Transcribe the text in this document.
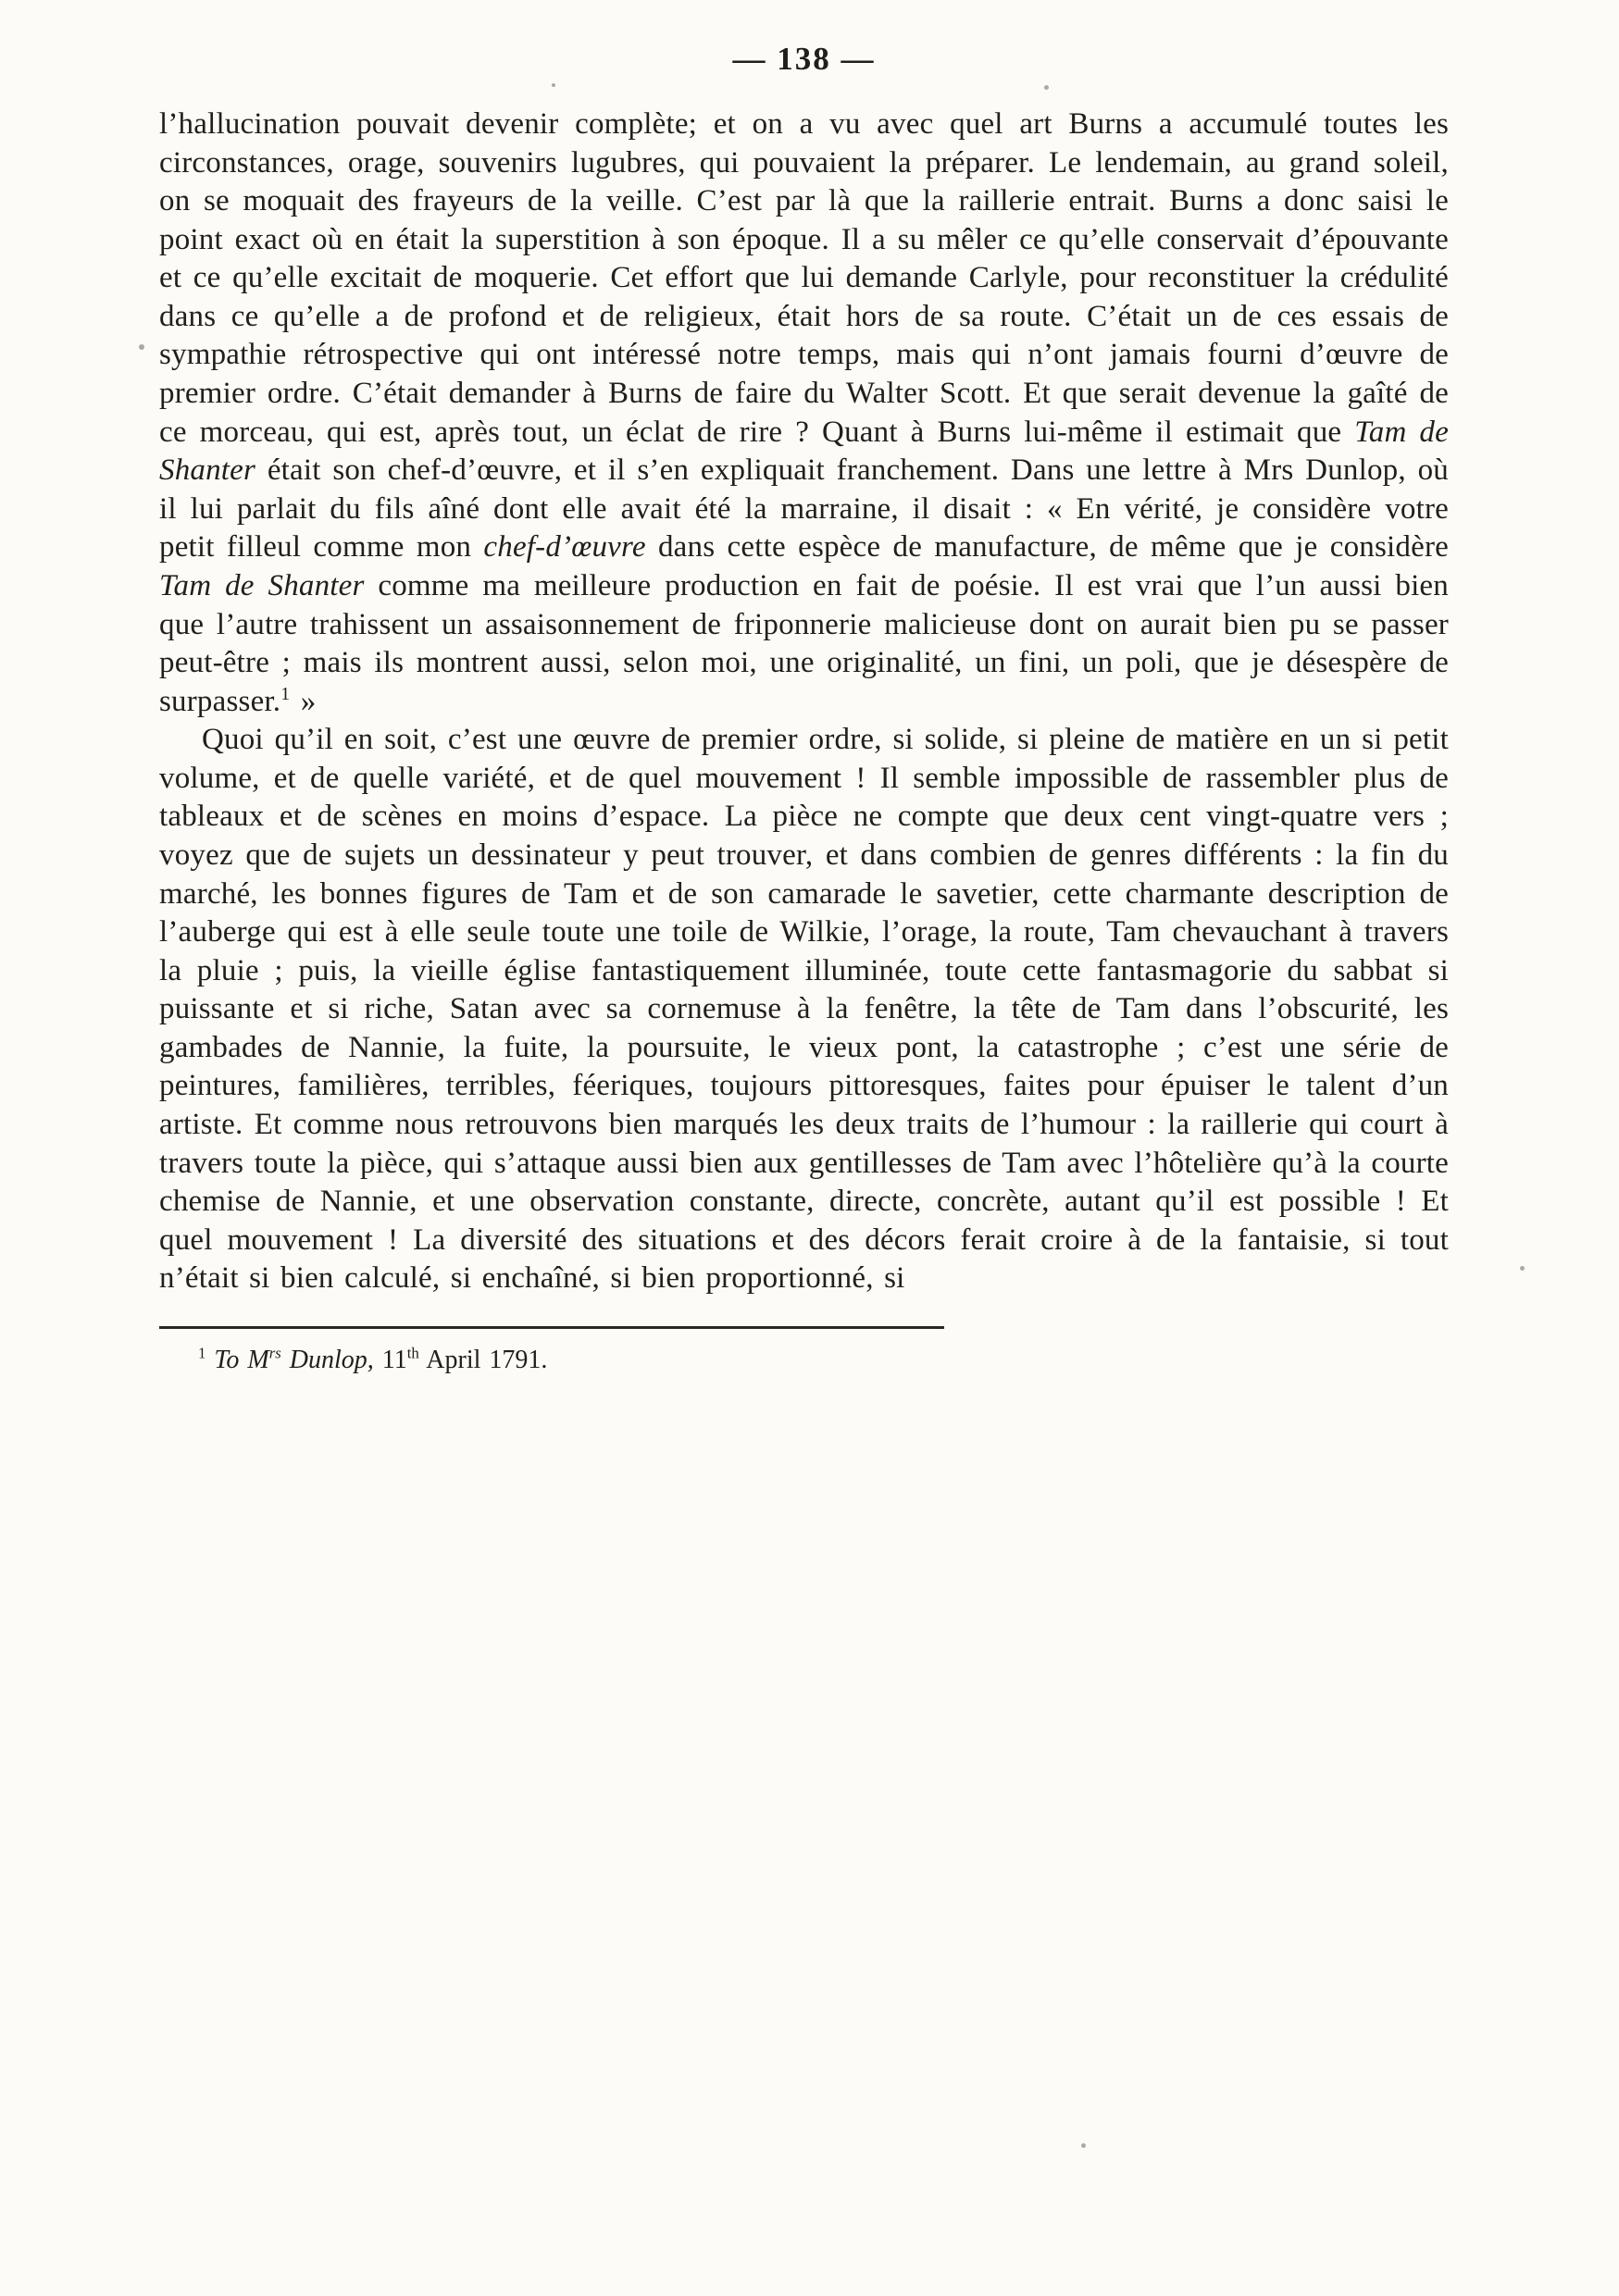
— 138 —

l’hallucination pouvait devenir complète; et on a vu avec quel art Burns a accumulé toutes les circonstances, orage, souvenirs lugubres, qui pouvaient la préparer. Le lendemain, au grand soleil, on se moquait des frayeurs de la veille. C’est par là que la raillerie entrait. Burns a donc saisi le point exact où en était la superstition à son époque. Il a su mêler ce qu’elle conservait d’épouvante et ce qu’elle excitait de moquerie. Cet effort que lui demande Carlyle, pour reconstituer la crédulité dans ce qu’elle a de profond et de religieux, était hors de sa route. C’était un de ces essais de sympathie rétrospective qui ont intéressé notre temps, mais qui n’ont jamais fourni d’œuvre de premier ordre. C’était demander à Burns de faire du Walter Scott. Et que serait devenue la gaîté de ce morceau, qui est, après tout, un éclat de rire ? Quant à Burns lui-même il estimait que Tam de Shanter était son chef-d’œuvre, et il s’en expliquait franchement. Dans une lettre à Mrs Dunlop, où il lui parlait du fils aîné dont elle avait été la marraine, il disait : « En vérité, je considère votre petit filleul comme mon chef-d’œuvre dans cette espèce de manufacture, de même que je considère Tam de Shanter comme ma meilleure production en fait de poésie. Il est vrai que l’un aussi bien que l’autre trahissent un assaisonnement de friponnerie malicieuse dont on aurait bien pu se passer peut-être ; mais ils montrent aussi, selon moi, une originalité, un fini, un poli, que je désespère de surpasser.$^1$ »

Quoi qu’il en soit, c’est une œuvre de premier ordre, si solide, si pleine de matière en un si petit volume, et de quelle variété, et de quel mouvement ! Il semble impossible de rassembler plus de tableaux et de scènes en moins d’espace. La pièce ne compte que deux cent vingt-quatre vers ; voyez que de sujets un dessinateur y peut trouver, et dans combien de genres différents : la fin du marché, les bonnes figures de Tam et de son camarade le savetier, cette charmante description de l’auberge qui est à elle seule toute une toile de Wilkie, l’orage, la route, Tam chevauchant à travers la pluie ; puis, la vieille église fantastiquement illuminée, toute cette fantasmagorie du sabbat si puissante et si riche, Satan avec sa cornemuse à la fenêtre, la tête de Tam dans l’obscurité, les gambades de Nannie, la fuite, la poursuite, le vieux pont, la catastrophe ; c’est une série de peintures, familières, terribles, féeriques, toujours pittoresques, faites pour épuiser le talent d’un artiste. Et comme nous retrouvons bien marqués les deux traits de l’humour : la raillerie qui court à travers toute la pièce, qui s’attaque aussi bien aux gentillesses de Tam avec l’hôtelière qu’à la courte chemise de Nannie, et une observation constante, directe, concrète, autant qu’il est possible ! Et quel mouvement ! La diversité des situations et des décors ferait croire à de la fantaisie, si tout n’était si bien calculé, si enchaîné, si bien proportionné, si

$^1$ To $M^{rs}$ Dunlop, 11th April 1791.
